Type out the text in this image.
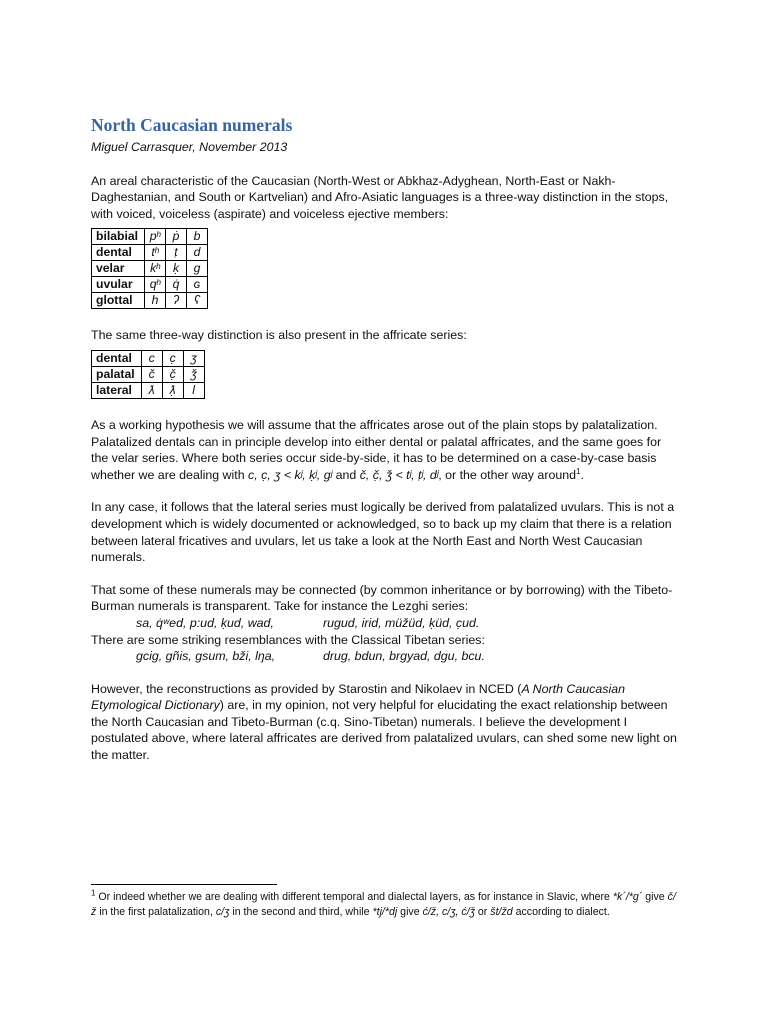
North Caucasian numerals

Miguel Carrasquer, November 2013

An areal characteristic of the Caucasian (North-West or Abkhaz-Adyghean, North-East or Nakh-Daghestanian, and South or Kartvelian) and Afro-Asiatic languages is a three-way distinction in the stops, with voiced, voiceless (aspirate) and voiceless ejective members:

bilabial	pʰ	ṗ	b
dental	tʰ	ṭ	d
velar	kʰ	ḳ	g
uvular	qʰ	q̇	ɢ
glottal	h	ʔ	ʕ

The same three-way distinction is also present in the affricate series:

dental	c	c̣	ʒ
palatal	č	č̣	ǯ
lateral	ƛ	ƛ̣	ɫ

As a working hypothesis we will assume that the affricates arose out of the plain stops by palatalization. Palatalized dentals can in principle develop into either dental or palatal affricates, and the same goes for the velar series. Where both series occur side-by-side, it has to be determined on a case-by-case basis whether we are dealing with c, c̣, ʒ < kʲ, ḳʲ, gʲ and č, č̣, ǯ < tʲ, ṭʲ, dʲ, or the other way around$^1$.

In any case, it follows that the lateral series must logically be derived from palatalized uvulars. This is not a development which is widely documented or acknowledged, so to back up my claim that there is a relation between lateral fricatives and uvulars, let us take a look at the North East and North West Caucasian numerals.

That some of these numerals may be connected (by common inheritance or by borrowing) with the Tibeto-Burman numerals is transparent. Take for instance the Lezghi series:

sa, q̇ʷed, p:ud, ḳud, wad,	rugud, irid, müžüd, ḳüd, c̣ud.

There are some striking resemblances with the Classical Tibetan series:

gcig, gñis, gsum, bži, lŋa,	drug, bdun, brgyad, dgu, bcu.

However, the reconstructions as provided by Starostin and Nikolaev in NCED (A North Caucasian Etymological Dictionary) are, in my opinion, not very helpful for elucidating the exact relationship between the North Caucasian and Tibeto-Burman (c.q. Sino-Tibetan) numerals. I believe the development I postulated above, where lateral affricates are derived from palatalized uvulars, can shed some new light on the matter.

$^1$ Or indeed whether we are dealing with different temporal and dialectal layers, as for instance in Slavic, where *k´/*g´ give č/ž in the first palatalization, c/ʒ in the second and third, while *tj/*dj give ć/ž, c/ʒ, ć/ǯ or št/žd according to dialect.
